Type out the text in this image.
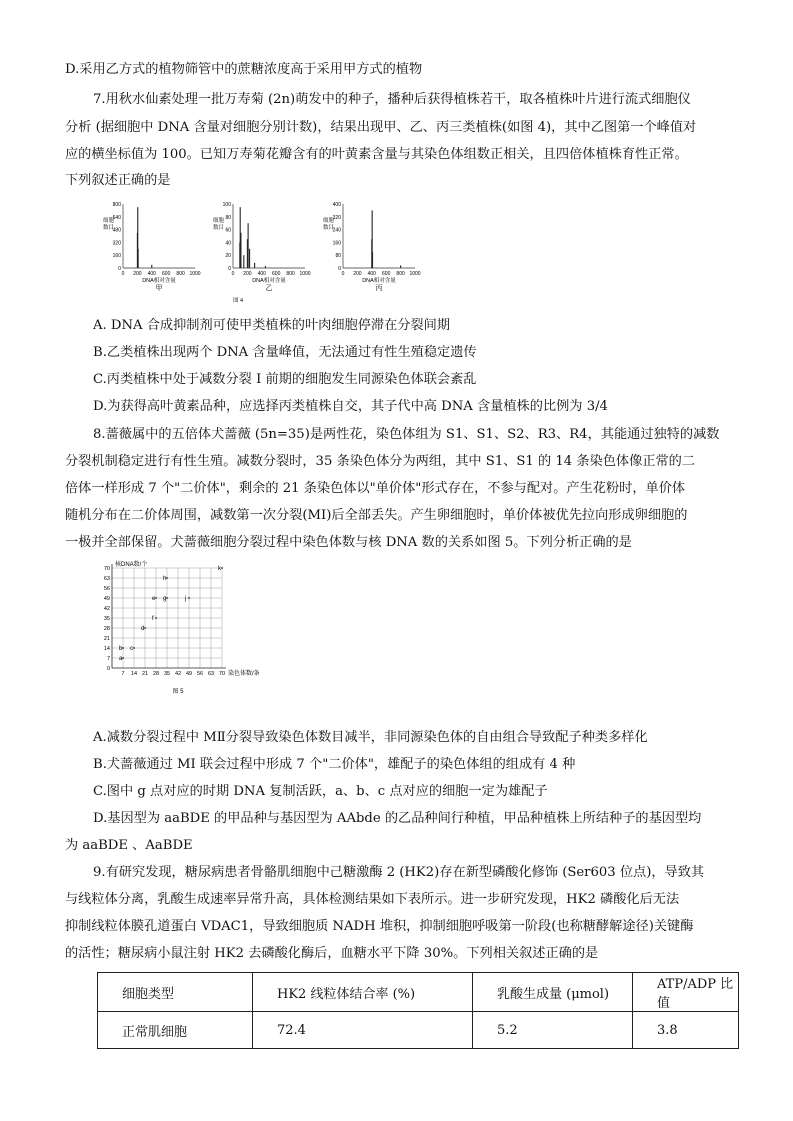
D.采用乙方式的植物筛管中的蔗糖浓度高于采用甲方式的植物
7.用秋水仙素处理一批万寿菊 (2n)萌发中的种子，播种后获得植株若干，取各植株叶片进行流式细胞仪
分析 (据细胞中 DNA 含量对细胞分别计数)，结果出现甲、乙、丙三类植株(如图 4)，其中乙图第一个峰值对
应的横坐标值为 100。已知万寿菊花瓣含有的叶黄素含量与其染色体组数正相关，且四倍体植株育性正常。
下列叙述正确的是
细胞
数目
800
640
480
320
160
0
0 200 400 600 800 1000
DNA相对含量
甲
细胞
数目
100
80
60
40
20
0
0 200 400 600 800 1000
DNA相对含量
乙
细胞
数目
400
320
240
160
80
0
0 200 400 600 800 1000
DNA相对含量
丙
图 4
A. DNA 合成抑制剂可使甲类植株的叶肉细胞停滞在分裂间期
B.乙类植株出现两个 DNA 含量峰值，无法通过有性生殖稳定遗传
C.丙类植株中处于减数分裂 I 前期的细胞发生同源染色体联会紊乱
D.为获得高叶黄素品种，应选择丙类植株自交，其子代中高 DNA 含量植株的比例为 3/4
8.蔷薇属中的五倍体犬蔷薇 (5n=35)是两性花，染色体组为 S1、S1、S2、R3、R4，其能通过独特的减数
分裂机制稳定进行有性生殖。减数分裂时，35 条染色体分为两组，其中 S1、S1 的 14 条染色体像正常的二
倍体一样形成 7 个"二价体"，剩余的 21 条染色体以"单价体"形式存在，不参与配对。产生花粉时，单价体
随机分布在二价体周围，减数第一次分裂(MI)后全部丢失。产生卵细胞时，单价体被优先拉向形成卵细胞的
一极并全部保留。犬蔷薇细胞分裂过程中染色体数与核 DNA 数的关系如图 5。下列分析正确的是
核DNA数/个
70
63
56
49
42
35
28
21
14
7
0
7 14 21 28 35 42 49 56 63 70 染色体数/条
a
b c
d
e
f
g
h
j
k
图 5
A.减数分裂过程中 MⅡ分裂导致染色体数目减半，非同源染色体的自由组合导致配子种类多样化
B.犬蔷薇通过 MI 联会过程中形成 7 个"二价体"，雄配子的染色体组的组成有 4 种
C.图中 g 点对应的时期 DNA 复制活跃，a、b、c 点对应的细胞一定为雄配子
D.基因型为 aaBDE 的甲品种与基因型为 AAbde 的乙品种间行种植，甲品种植株上所结种子的基因型均
为 aaBDE 、AaBDE
9.有研究发现，糖尿病患者骨骼肌细胞中己糖激酶 2 (HK2)存在新型磷酸化修饰 (Ser603 位点)，导致其
与线粒体分离，乳酸生成速率异常升高，具体检测结果如下表所示。进一步研究发现，HK2 磷酸化后无法
抑制线粒体膜孔道蛋白 VDAC1，导致细胞质 NADH 堆积，抑制细胞呼吸第一阶段(也称糖酵解途径)关键酶
的活性；糖尿病小鼠注射 HK2 去磷酸化酶后，血糖水平下降 30%。下列相关叙述正确的是
细胞类型	HK2 线粒体结合率 (%)	乳酸生成量 (μmol)	ATP/ADP 比值
正常肌细胞	72.4	5.2	3.8
